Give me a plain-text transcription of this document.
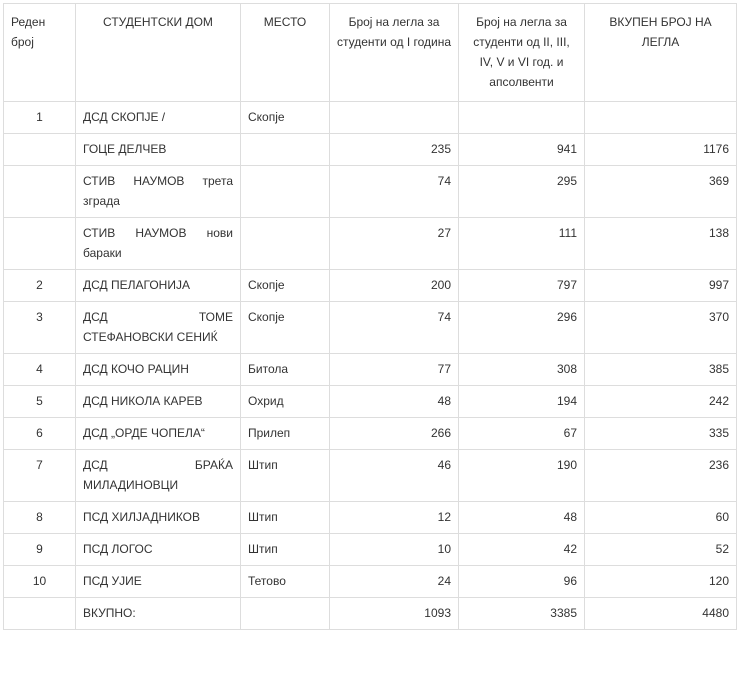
Реден број	СТУДЕНТСКИ ДОМ	МЕСТО	Број на легла за студенти од I година	Број на легла за студенти од II, III, IV, V и VI год. и апсолвенти	ВКУПЕН БРОЈ НА ЛЕГЛА
1	ДСД СКОПЈЕ /	Скопје			
	ГОЦЕ ДЕЛЧЕВ		235	941	1176
	СТИВ НАУМОВ трета зграда		74	295	369
	СТИВ НАУМОВ нови бараки		27	111	138
2	ДСД ПЕЛАГОНИЈА	Скопје	200	797	997
3	ДСД ТОМЕ СТЕФАНОВСКИ СЕНИЌ	Скопје	74	296	370
4	ДСД КОЧО РАЦИН	Битола	77	308	385
5	ДСД НИКОЛА КАРЕВ	Охрид	48	194	242
6	ДСД „ОРДЕ ЧОПЕЛА“	Прилеп	266	67	335
7	ДСД БРАЌА МИЛАДИНОВЦИ	Штип	46	190	236
8	ПСД ХИЛЈАДНИКОВ	Штип	12	48	60
9	ПСД ЛОГОС	Штип	10	42	52
10	ПСД УЈИЕ	Тетово	24	96	120
	ВКУПНО:		1093	3385	4480
